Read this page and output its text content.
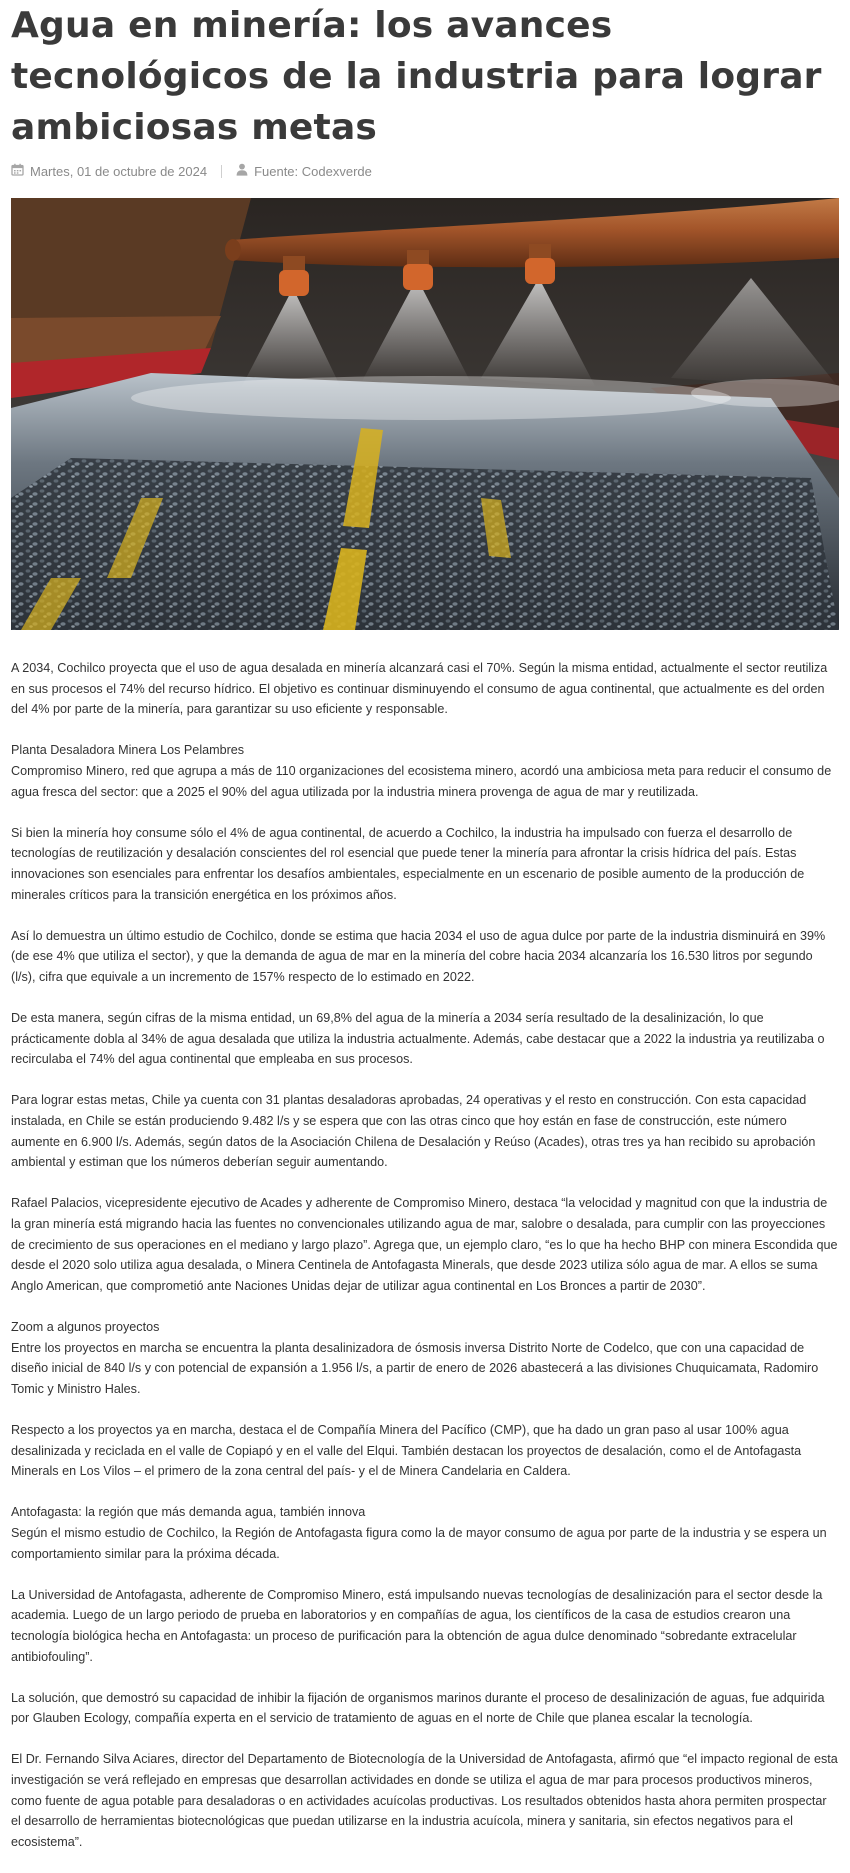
Agua en minería: los avances tecnológicos de la industria para lograr ambiciosas metas
Martes, 01 de octubre de 2024	Fuente: Codexverde

A 2034, Cochilco proyecta que el uso de agua desalada en minería alcanzará casi el 70%. Según la misma entidad, actualmente el sector reutiliza en sus procesos el 74% del recurso hídrico. El objetivo es continuar disminuyendo el consumo de agua continental, que actualmente es del orden del 4% por parte de la minería, para garantizar su uso eficiente y responsable.

Planta Desaladora Minera Los Pelambres
Compromiso Minero, red que agrupa a más de 110 organizaciones del ecosistema minero, acordó una ambiciosa meta para reducir el consumo de agua fresca del sector: que a 2025 el 90% del agua utilizada por la industria minera provenga de agua de mar y reutilizada.

Si bien la minería hoy consume sólo el 4% de agua continental, de acuerdo a Cochilco, la industria ha impulsado con fuerza el desarrollo de tecnologías de reutilización y desalación conscientes del rol esencial que puede tener la minería para afrontar la crisis hídrica del país. Estas innovaciones son esenciales para enfrentar los desafíos ambientales, especialmente en un escenario de posible aumento de la producción de minerales críticos para la transición energética en los próximos años.

Así lo demuestra un último estudio de Cochilco, donde se estima que hacia 2034 el uso de agua dulce por parte de la industria disminuirá en 39% (de ese 4% que utiliza el sector), y que la demanda de agua de mar en la minería del cobre hacia 2034 alcanzaría los 16.530 litros por segundo (l/s), cifra que equivale a un incremento de 157% respecto de lo estimado en 2022.

De esta manera, según cifras de la misma entidad, un 69,8% del agua de la minería a 2034 sería resultado de la desalinización, lo que prácticamente dobla al 34% de agua desalada que utiliza la industria actualmente. Además, cabe destacar que a 2022 la industria ya reutilizaba o recirculaba el 74% del agua continental que empleaba en sus procesos.

Para lograr estas metas, Chile ya cuenta con 31 plantas desaladoras aprobadas, 24 operativas y el resto en construcción. Con esta capacidad instalada, en Chile se están produciendo 9.482 l/s y se espera que con las otras cinco que hoy están en fase de construcción, este número aumente en 6.900 l/s. Además, según datos de la Asociación Chilena de Desalación y Reúso (Acades), otras tres ya han recibido su aprobación ambiental y estiman que los números deberían seguir aumentando.

Rafael Palacios, vicepresidente ejecutivo de Acades y adherente de Compromiso Minero, destaca “la velocidad y magnitud con que la industria de la gran minería está migrando hacia las fuentes no convencionales utilizando agua de mar, salobre o desalada, para cumplir con las proyecciones de crecimiento de sus operaciones en el mediano y largo plazo”. Agrega que, un ejemplo claro, “es lo que ha hecho BHP con minera Escondida que desde el 2020 solo utiliza agua desalada, o Minera Centinela de Antofagasta Minerals, que desde 2023 utiliza sólo agua de mar. A ellos se suma Anglo American, que comprometió ante Naciones Unidas dejar de utilizar agua continental en Los Bronces a partir de 2030”.

Zoom a algunos proyectos
Entre los proyectos en marcha se encuentra la planta desalinizadora de ósmosis inversa Distrito Norte de Codelco, que con una capacidad de diseño inicial de 840 l/s y con potencial de expansión a 1.956 l/s, a partir de enero de 2026 abastecerá a las divisiones Chuquicamata, Radomiro Tomic y Ministro Hales.

Respecto a los proyectos ya en marcha, destaca el de Compañía Minera del Pacífico (CMP), que ha dado un gran paso al usar 100% agua desalinizada y reciclada en el valle de Copiapó y en el valle del Elqui. También destacan los proyectos de desalación, como el de Antofagasta Minerals en Los Vilos – el primero de la zona central del país- y el de Minera Candelaria en Caldera.

Antofagasta: la región que más demanda agua, también innova
Según el mismo estudio de Cochilco, la Región de Antofagasta figura como la de mayor consumo de agua por parte de la industria y se espera un comportamiento similar para la próxima década.

La Universidad de Antofagasta, adherente de Compromiso Minero, está impulsando nuevas tecnologías de desalinización para el sector desde la academia. Luego de un largo periodo de prueba en laboratorios y en compañías de agua, los científicos de la casa de estudios crearon una tecnología biológica hecha en Antofagasta: un proceso de purificación para la obtención de agua dulce denominado “sobredante extracelular antibiofouling”.

La solución, que demostró su capacidad de inhibir la fijación de organismos marinos durante el proceso de desalinización de aguas, fue adquirida por Glauben Ecology, compañía experta en el servicio de tratamiento de aguas en el norte de Chile que planea escalar la tecnología.

El Dr. Fernando Silva Aciares, director del Departamento de Biotecnología de la Universidad de Antofagasta, afirmó que “el impacto regional de esta investigación se verá reflejado en empresas que desarrollan actividades en donde se utiliza el agua de mar para procesos productivos mineros, como fuente de agua potable para desaladoras o en actividades acuícolas productivas. Los resultados obtenidos hasta ahora permiten prospectar el desarrollo de herramientas biotecnológicas que puedan utilizarse en la industria acuícola, minera y sanitaria, sin efectos negativos para el ecosistema”.
